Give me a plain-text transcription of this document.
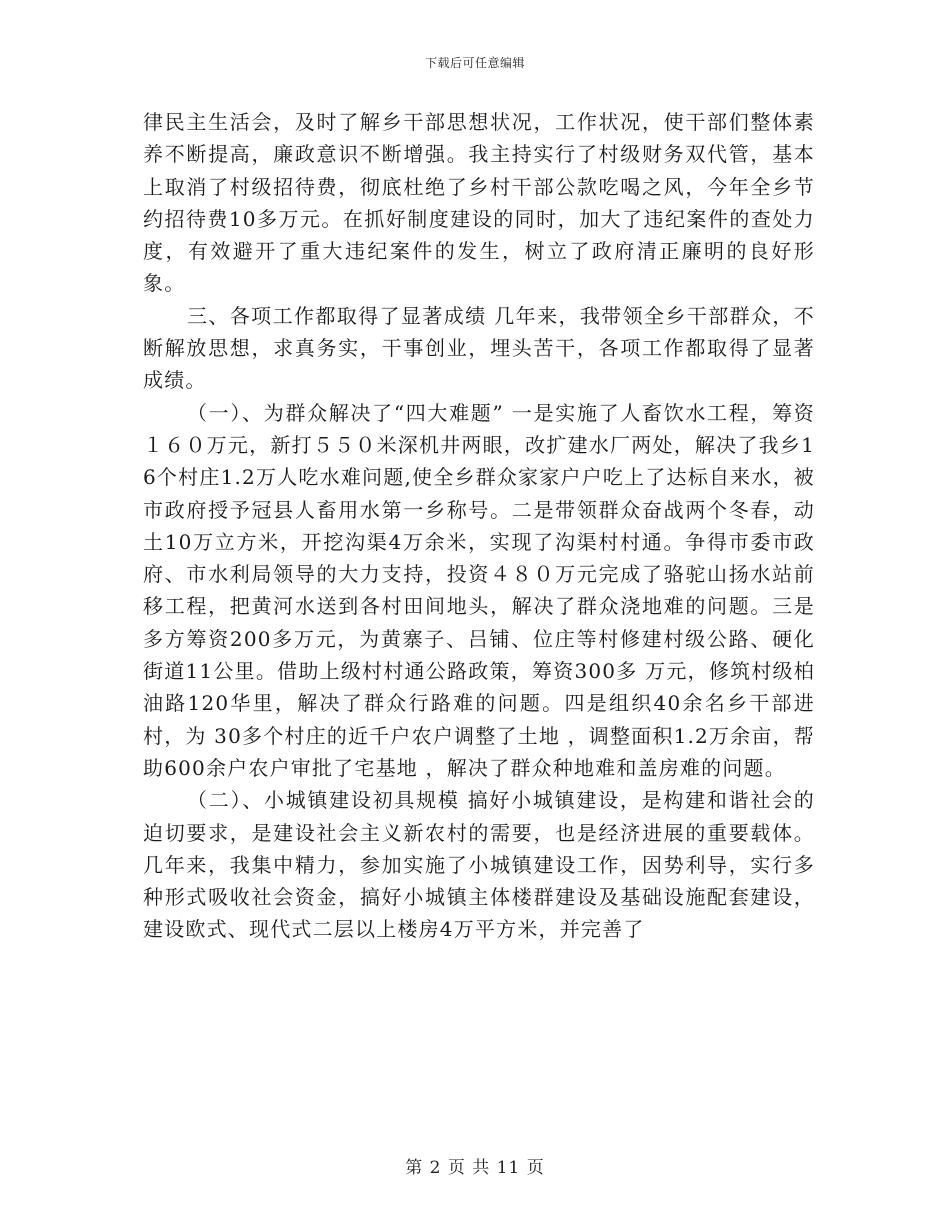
下载后可任意编辑

律民主生活会，及时了解乡干部思想状况，工作状况，使干部们整体素养不断提高，廉政意识不断增强。我主持实行了村级财务双代管，基本上取消了村级招待费，彻底杜绝了乡村干部公款吃喝之风，今年全乡节约招待费10多万元。在抓好制度建设的同时，加大了违纪案件的查处力度，有效避开了重大违纪案件的发生，树立了政府清正廉明的良好形象。

三、各项工作都取得了显著成绩 几年来，我带领全乡干部群众，不断解放思想，求真务实，干事创业，埋头苦干，各项工作都取得了显著成绩。

（一）、为群众解决了“四大难题” 一是实施了人畜饮水工程，筹资１６０万元，新打５５０米深机井两眼，改扩建水厂两处，解决了我乡16个村庄1.2万人吃水难问题,使全乡群众家家户户吃上了达标自来水，被市政府授予冠县人畜用水第一乡称号。二是带领群众奋战两个冬春，动土10万立方米，开挖沟渠4万余米，实现了沟渠村村通。争得市委市政府、市水利局领导的大力支持，投资４８０万元完成了骆驼山扬水站前移工程，把黄河水送到各村田间地头，解决了群众浇地难的问题。三是多方筹资200多万元，为黄寨子、吕铺、位庄等村修建村级公路、硬化街道11公里。借助上级村村通公路政策，筹资300多 万元，修筑村级柏油路120华里，解决了群众行路难的问题。四是组织40余名乡干部进村，为 30多个村庄的近千户农户调整了土地 ，调整面积1.2万余亩，帮助600余户农户审批了宅基地 ，解决了群众种地难和盖房难的问题。

（二）、小城镇建设初具规模 搞好小城镇建设，是构建和谐社会的迫切要求，是建设社会主义新农村的需要，也是经济进展的重要载体。几年来，我集中精力，参加实施了小城镇建设工作，因势利导，实行多种形式吸收社会资金，搞好小城镇主体楼群建设及基础设施配套建设，建设欧式、现代式二层以上楼房4万平方米，并完善了

第 2 页 共 11 页
